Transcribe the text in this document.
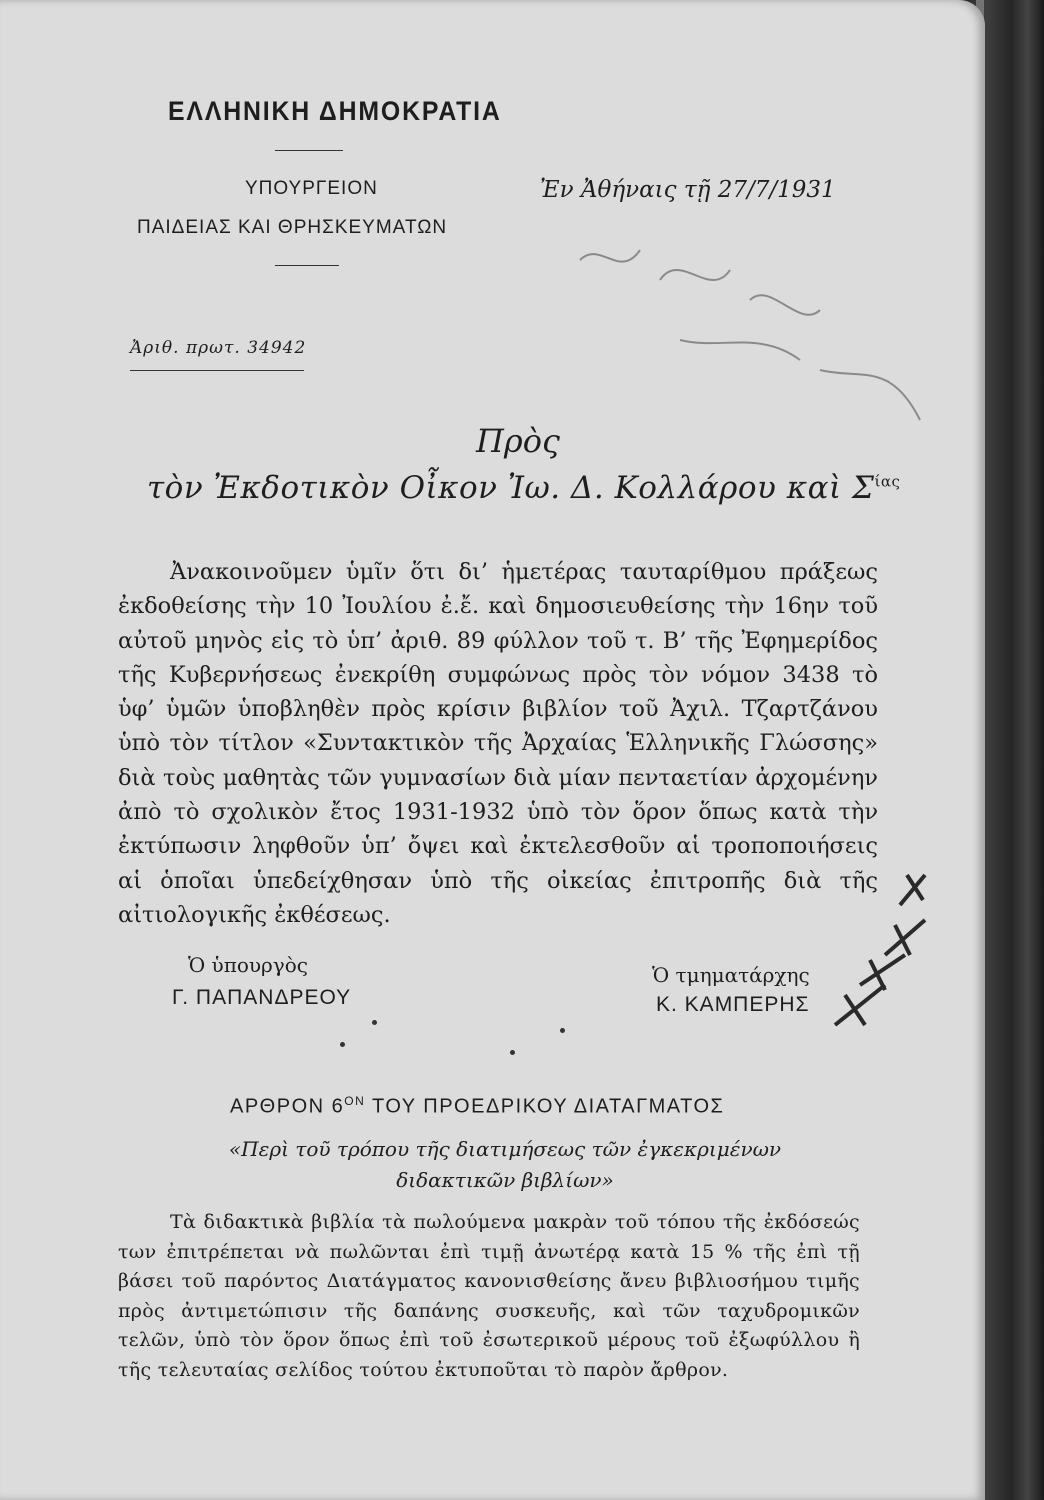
ΕΛΛΗΝΙΚΗ ΔΗΜΟΚΡΑΤΙΑ
ΥΠΟΥΡΓΕΙΟΝ
ΠΑΙΔΕΙΑΣ ΚΑΙ ΘΡΗΣΚΕΥΜΑΤΩΝ
Ἐν Ἀθήναις τῇ 27/7/1931
Ἀριθ. πρωτ. 34942
Πρὸς
τὸν Ἐκδοτικὸν Οἶκον Ἰω. Δ. Κολλάρου καὶ $\Sigma^{ί\alpha\varsigma}$

Ἀνακοινοῦμεν ὑμῖν ὅτι δι’ ἡμετέρας ταυταρίθμου πράξεως ἐκδοθείσης τὴν 10 Ἰουλίου ἐ.ἔ. καὶ δημοσιευθείσης τὴν 16ην τοῦ αὐτοῦ μηνὸς εἰς τὸ ὑπ’ ἀριθ. 89 φύλλον τοῦ τ. Β’ τῆς Ἐφημερίδος τῆς Κυβερνήσεως ἐνεκρίθη συμφώνως πρὸς τὸν νόμον 3438 τὸ ὑφ’ ὑμῶν ὑποβληθὲν πρὸς κρίσιν βιβλίον τοῦ Ἀχιλ. Τζαρτζάνου ὑπὸ τὸν τίτλον «Συντακτικὸν τῆς Ἀρχαίας Ἑλληνικῆς Γλώσσης» διὰ τοὺς μαθητὰς τῶν γυμνασίων διὰ μίαν πενταετίαν ἀρχομένην ἀπὸ τὸ σχολικὸν ἔτος 1931-1932 ὑπὸ τὸν ὅρον ὅπως κατὰ τὴν ἐκτύπωσιν ληφθοῦν ὑπ’ ὄψει καὶ ἐκτελεσθοῦν αἱ τροποποιήσεις αἱ ὁποῖαι ὑπεδείχθησαν ὑπὸ τῆς οἰκείας ἐπιτροπῆς διὰ τῆς αἰτιολογικῆς ἐκθέσεως.

Ὁ ὑπουργὸς
Γ. ΠΑΠΑΝΔΡΕΟΥ
Ὁ τμηματάρχης
Κ. ΚΑΜΠΕΡΗΣ
ΑΡΘΡΟΝ $6^{ON}$ ΤΟΥ ΠΡΟΕΔΡΙΚΟΥ ΔΙΑΤΑΓΜΑΤΟΣ
«Περὶ τοῦ τρόπου τῆς διατιμήσεως τῶν ἐγκεκριμένων διδακτικῶν βιβλίων»

Τὰ διδακτικὰ βιβλία τὰ πωλούμενα μακρὰν τοῦ τόπου τῆς ἐκδόσεώς των ἐπιτρέπεται νὰ πωλῶνται ἐπὶ τιμῇ ἀνωτέρᾳ κατὰ 15 % τῆς ἐπὶ τῇ βάσει τοῦ παρόντος Διατάγματος κανονισθείσης ἄνευ βιβλιοσήμου τιμῆς πρὸς ἀντιμετώπισιν τῆς δαπάνης συσκευῆς, καὶ τῶν ταχυδρομικῶν τελῶν, ὑπὸ τὸν ὅρον ὅπως ἐπὶ τοῦ ἐσωτερικοῦ μέρους τοῦ ἐξωφύλλου ἢ τῆς τελευταίας σελίδος τούτου ἐκτυποῦται τὸ παρὸν ἄρθρον.
